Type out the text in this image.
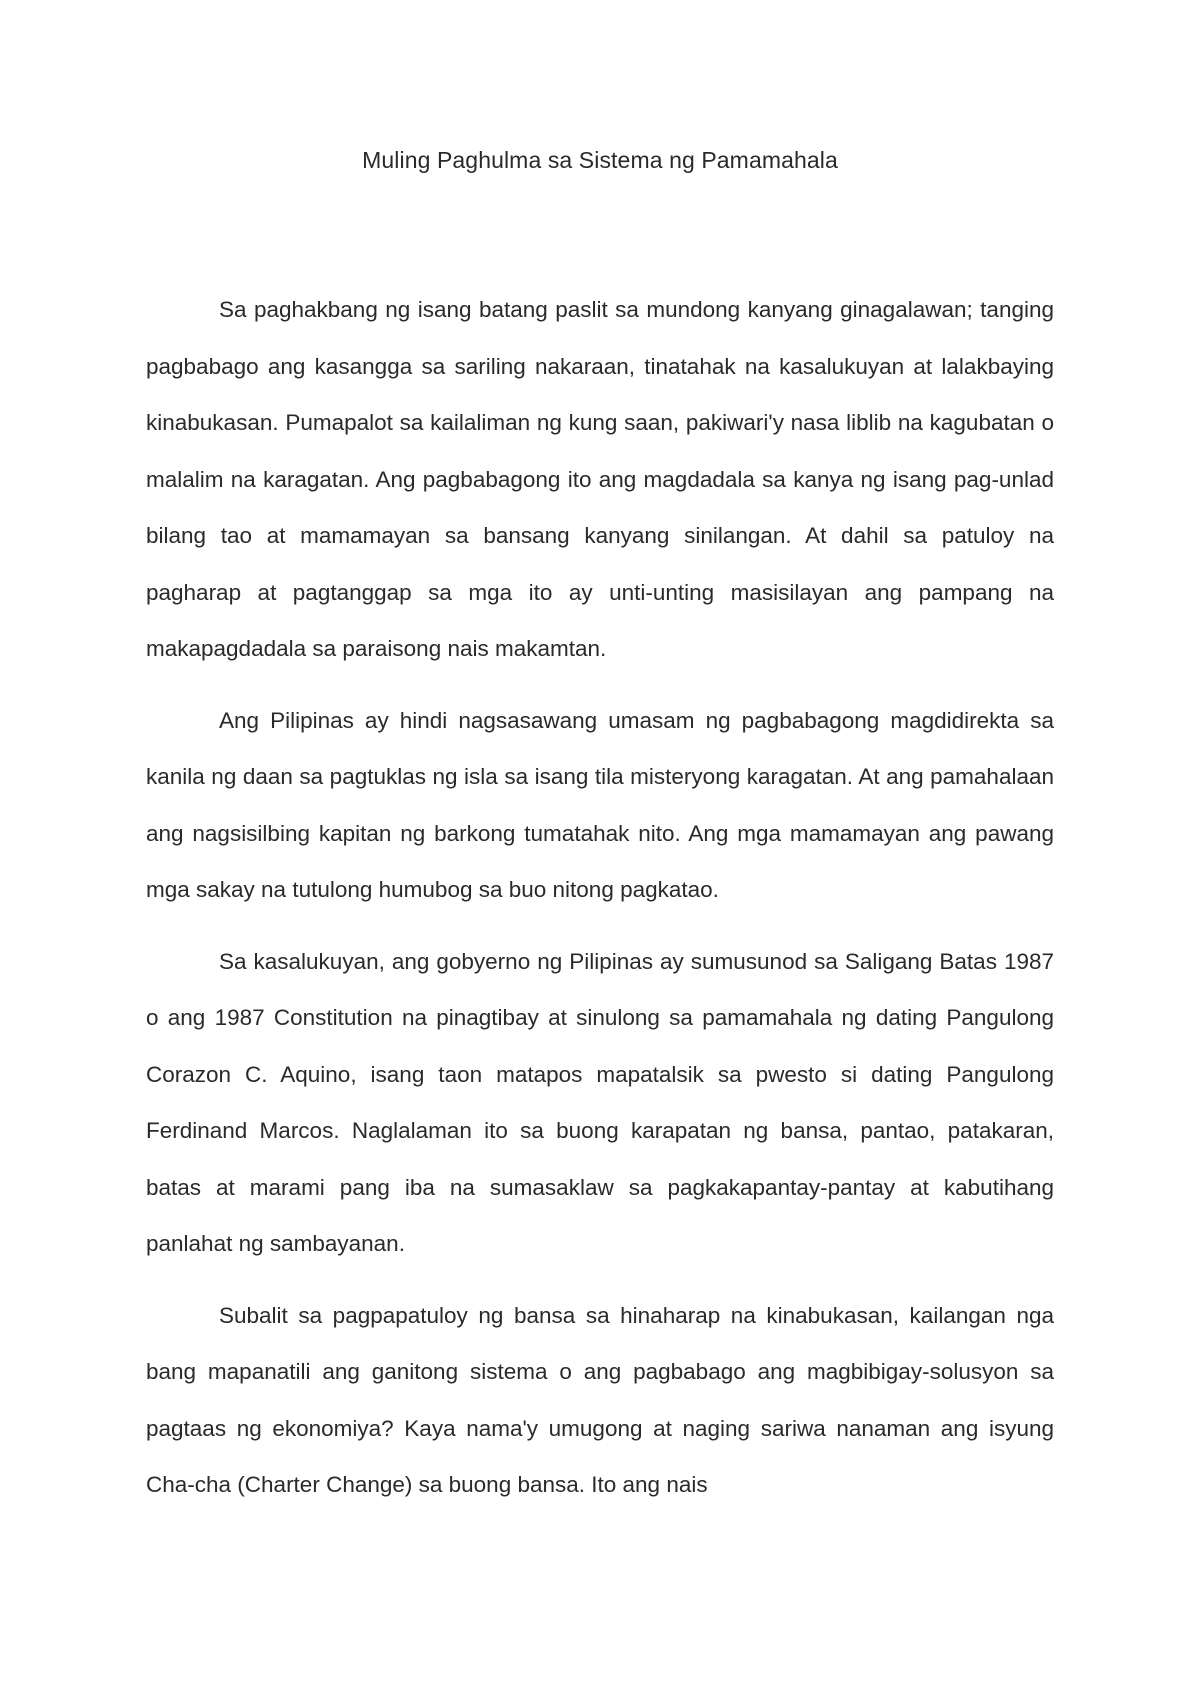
Muling Paghulma sa Sistema ng Pamamahala

Sa paghakbang ng isang batang paslit sa mundong kanyang ginagalawan; tanging pagbabago ang kasangga sa sariling nakaraan, tinatahak na kasalukuyan at lalakbaying kinabukasan. Pumapalot sa kailaliman ng kung saan, pakiwari'y nasa liblib na kagubatan o malalim na karagatan. Ang pagbabagong ito ang magdadala sa kanya ng isang pag-unlad bilang tao at mamamayan sa bansang kanyang sinilangan. At dahil sa patuloy na pagharap at pagtanggap sa mga ito ay unti-unting masisilayan ang pampang na makapagdadala sa paraisong nais makamtan.

Ang Pilipinas ay hindi nagsasawang umasam ng pagbabagong magdidirekta sa kanila ng daan sa pagtuklas ng isla sa isang tila misteryong karagatan. At ang pamahalaan ang nagsisilbing kapitan ng barkong tumatahak nito. Ang mga mamamayan ang pawang mga sakay na tutulong humubog sa buo nitong pagkatao.

Sa kasalukuyan, ang gobyerno ng Pilipinas ay sumusunod sa Saligang Batas 1987 o ang 1987 Constitution na pinagtibay at sinulong sa pamamahala ng dating Pangulong Corazon C. Aquino, isang taon matapos mapatalsik sa pwesto si dating Pangulong Ferdinand Marcos. Naglalaman ito sa buong karapatan ng bansa, pantao, patakaran, batas at marami pang iba na sumasaklaw sa pagkakapantay-pantay at kabutihang panlahat ng sambayanan.

Subalit sa pagpapatuloy ng bansa sa hinaharap na kinabukasan, kailangan nga bang mapanatili ang ganitong sistema o ang pagbabago ang magbibigay-solusyon sa pagtaas ng ekonomiya? Kaya nama'y umugong at naging sariwa nanaman ang isyung Cha-cha (Charter Change) sa buong bansa. Ito ang nais
